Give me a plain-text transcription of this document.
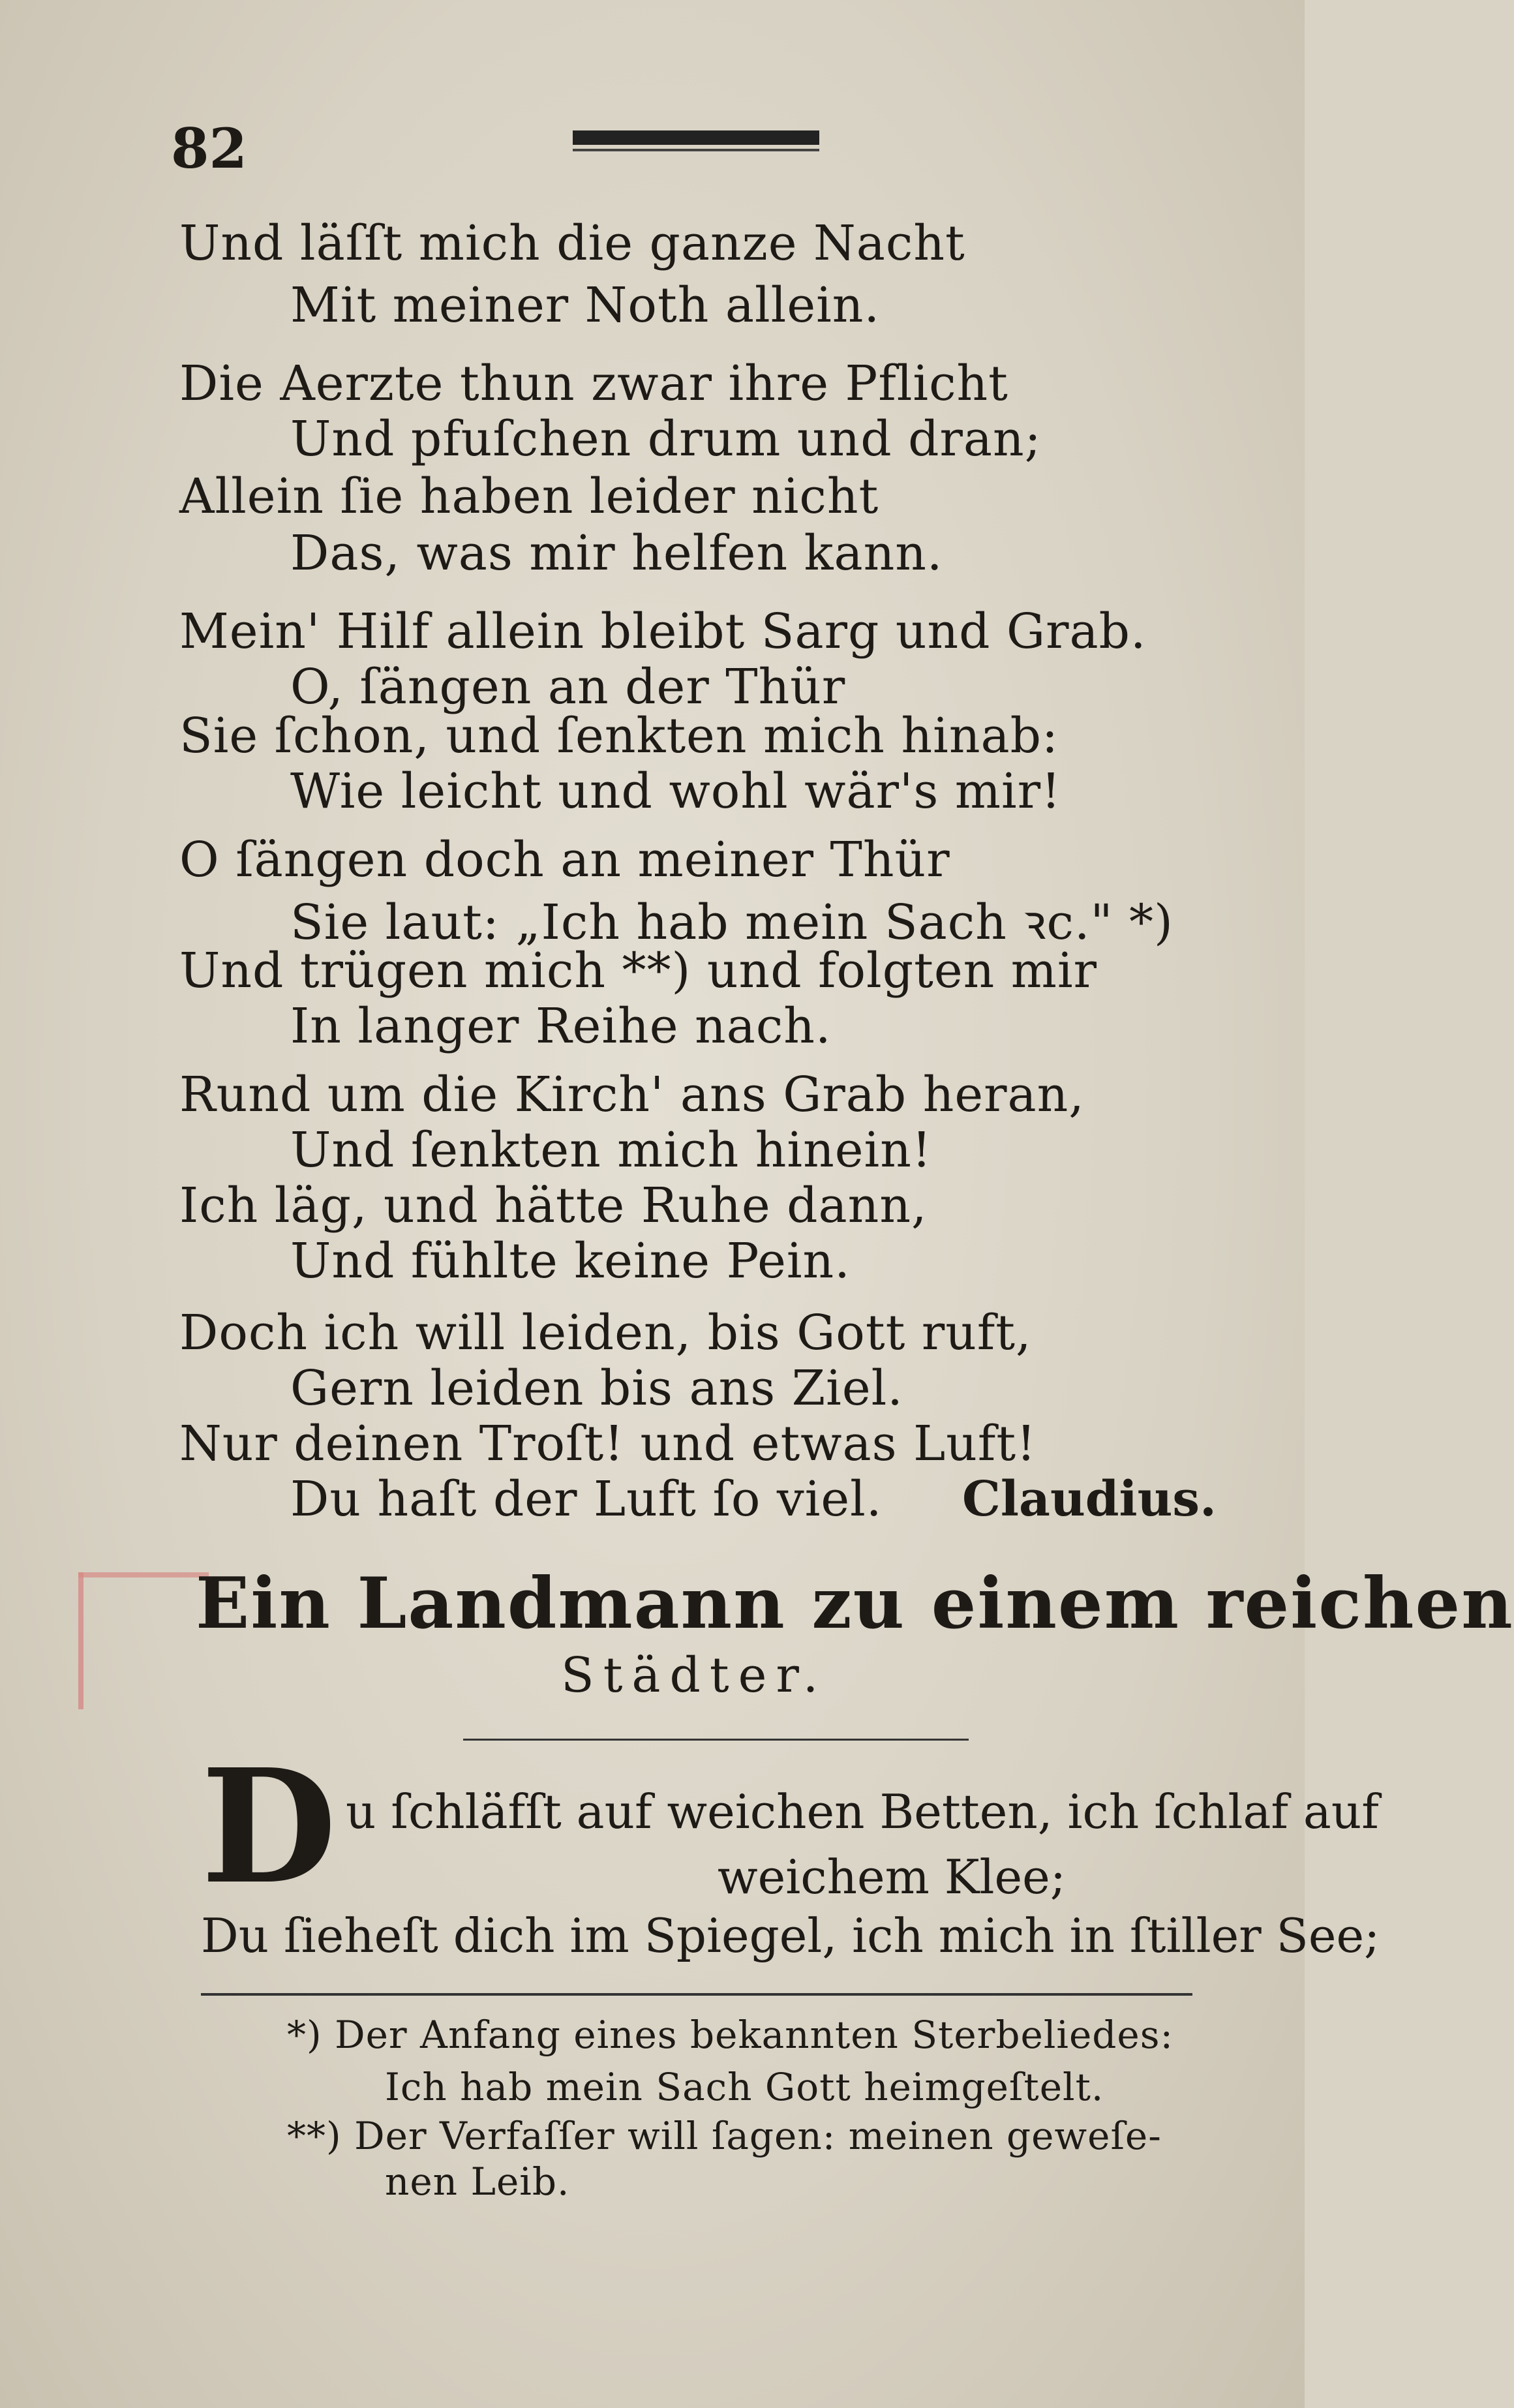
82
Und läſſt mich die ganze Nacht
Mit meiner Noth allein.
Die Aerzte thun zwar ihre Pflicht
Und pfuſchen drum und dran;
Allein ſie haben leider nicht
Das, was mir helfen kann.
Mein' Hilf allein bleibt Sarg und Grab.
O, ſängen an der Thür
Sie ſchon, und ſenkten mich hinab:
Wie leicht und wohl wär's mir!
O ſängen doch an meiner Thür
Sie laut: „Ich hab mein Sach ꝛc." *)
Und trügen mich **) und folgten mir
In langer Reihe nach.
Rund um die Kirch' ans Grab heran,
Und ſenkten mich hinein!
Ich läg, und hätte Ruhe dann,
Und fühlte keine Pein.
Doch ich will leiden, bis Gott ruft,
Gern leiden bis ans Ziel.
Nur deinen Troſt! und etwas Luft!
Du haſt der Luft ſo viel. Claudius.
Ein Landmann zu einem reichen
Städter.
D u ſchläfſt auf weichen Betten, ich ſchlaf auf
weichem Klee;
Du ſieheſt dich im Spiegel, ich mich in ſtiller See;
*) Der Anfang eines bekannten Sterbeliedes:
Ich hab mein Sach Gott heimgeſtelt.
**) Der Verfaſſer will ſagen: meinen geweſe-
nen Leib.
